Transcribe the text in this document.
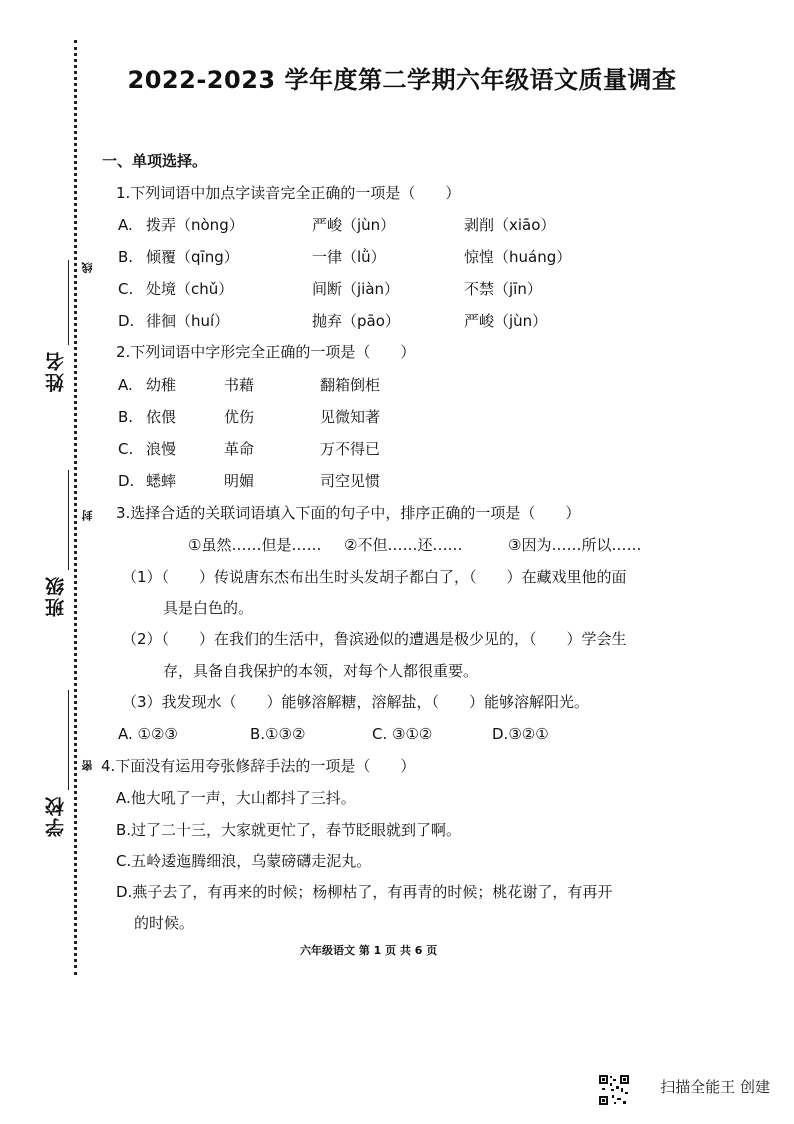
姓名
线
班级
封
学校
密
2022-2023 学年度第二学期六年级语文质量调查
一、单项选择。
1.下列词语中加点字读音完全正确的一项是（　　）
A. 拨弄（nòng）	严峻（jùn）	剥削（xiāo）
B. 倾覆（qīng）	一律（lǜ）	惊惶（huáng）
C. 处境（chǔ）	间断（jiàn）	不禁（jīn）
D. 徘徊（huí）	抛弃（pāo）	严峻（jùn）
2.下列词语中字形完全正确的一项是（　　）
A. 幼稚	书藉	翻箱倒柜
B. 依偎	优伤	见微知著
C. 浪慢	革命	万不得已
D. 蟋蟀	明媚	司空见惯
3.选择合适的关联词语填入下面的句子中，排序正确的一项是（　　）
①虽然……但是…… ②不但……还……	③因为……所以……
（1）（　　）传说唐东杰布出生时头发胡子都白了，（　　）在藏戏里他的面
具是白色的。
（2）（　　）在我们的生活中，鲁滨逊似的遭遇是极少见的，（　　）学会生
存，具备自我保护的本领，对每个人都很重要。
（3）我发现水（　　）能够溶解糖，溶解盐，（　　）能够溶解阳光。
A. ①②③	B.①③②	C. ③①②	D.③②①
4.下面没有运用夸张修辞手法的一项是（　　）
A.他大吼了一声，大山都抖了三抖。
B.过了二十三，大家就更忙了，春节眨眼就到了啊。
C.五岭逶迤腾细浪，乌蒙磅礴走泥丸。
D.燕子去了，有再来的时候；杨柳枯了，有再青的时候；桃花谢了，有再开
的时候。
六年级语文 第 1 页 共 6 页
扫描全能王 创建
